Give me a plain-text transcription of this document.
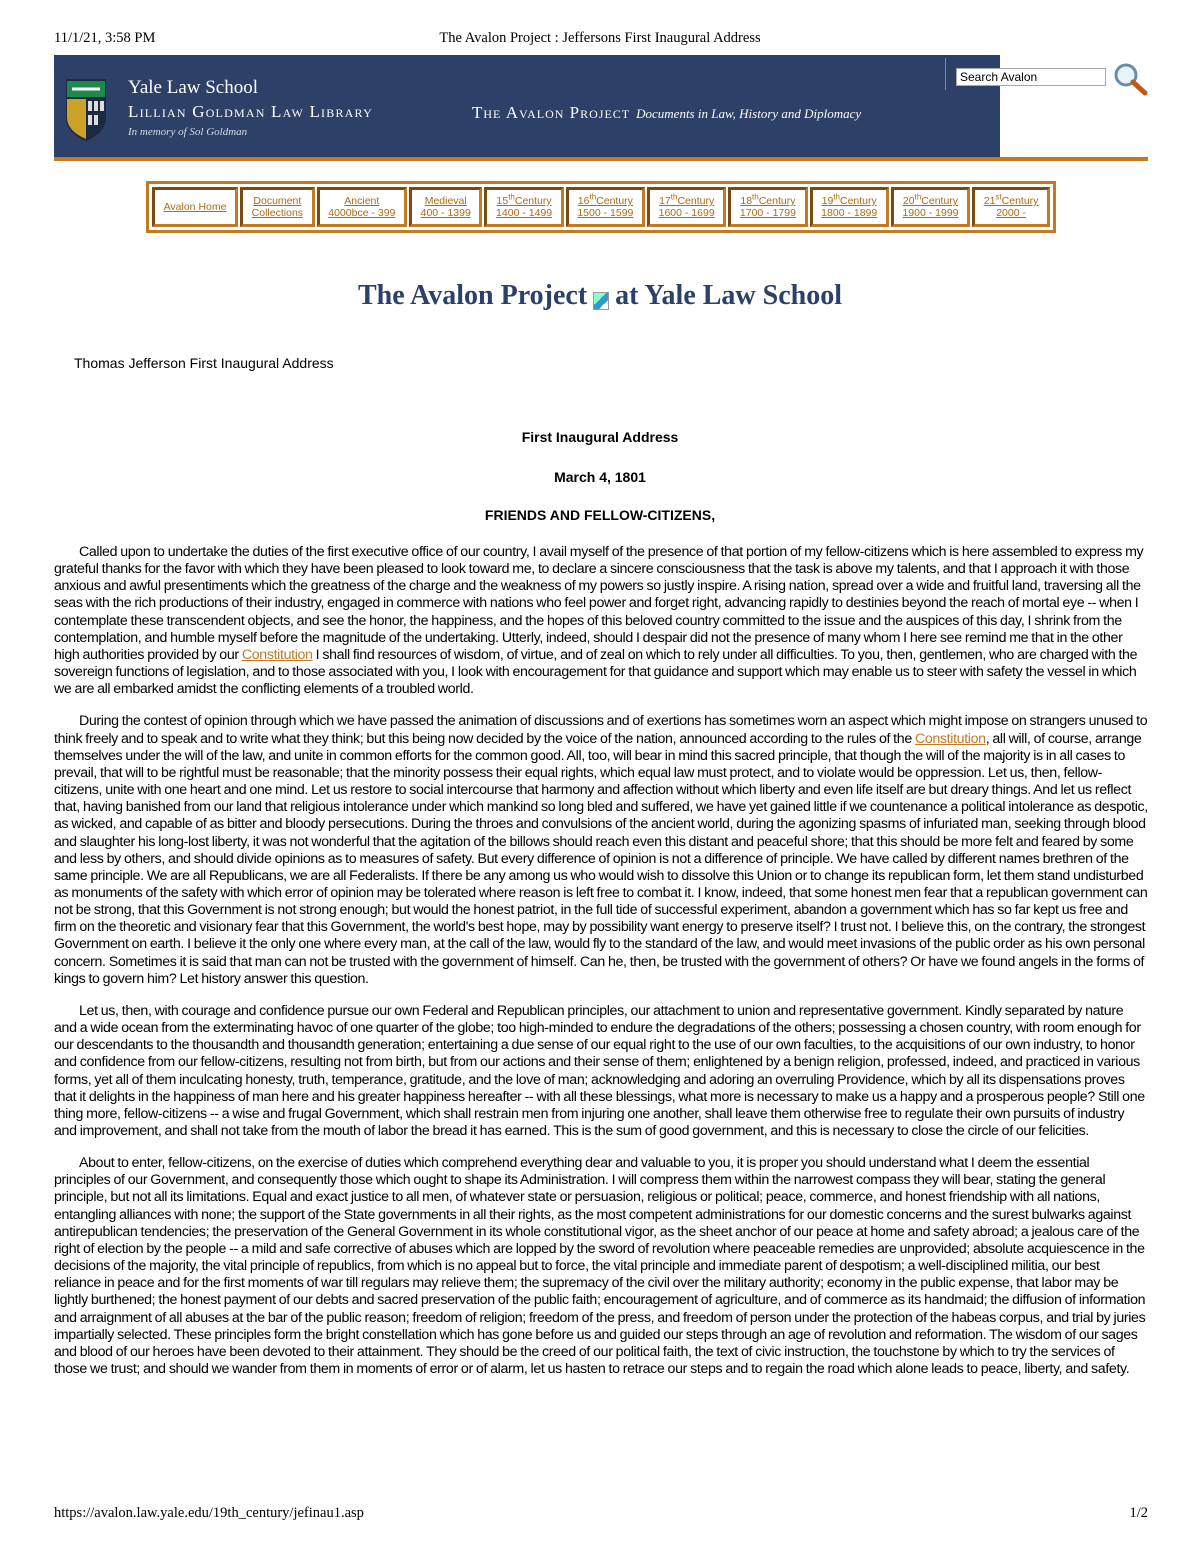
11/1/21, 3:58 PM	The Avalon Project : Jeffersons First Inaugural Address
Yale Law School
Lillian Goldman Law Library
In memory of Sol Goldman
The Avalon Project Documents in Law, History and Diplomacy
Search Avalon
Avalon Home	Document
Collections
Ancient
4000bce - 399
Medieval
400 - 1399
15thCentury
1400 - 1499
16thCentury
1500 - 1599
17thCentury
1600 - 1699
18thCentury
1700 - 1799
19thCentury
1800 - 1899
20thCentury
1900 - 1999
21stCentury
2000 -
The Avalon Project at Yale Law School
Thomas Jefferson First Inaugural Address
First Inaugural Address
March 4, 1801
FRIENDS AND FELLOW-CITIZENS,

Called upon to undertake the duties of the first executive office of our country, I avail myself of the presence of that portion of my fellow-citizens which is here assembled to express my grateful thanks for the favor with which they have been pleased to look toward me, to declare a sincere consciousness that the task is above my talents, and that I approach it with those anxious and awful presentiments which the greatness of the charge and the weakness of my powers so justly inspire. A rising nation, spread over a wide and fruitful land, traversing all the seas with the rich productions of their industry, engaged in commerce with nations who feel power and forget right, advancing rapidly to destinies beyond the reach of mortal eye -- when I contemplate these transcendent objects, and see the honor, the happiness, and the hopes of this beloved country committed to the issue and the auspices of this day, I shrink from the contemplation, and humble myself before the magnitude of the undertaking. Utterly, indeed, should I despair did not the presence of many whom I here see remind me that in the other high authorities provided by our Constitution I shall find resources of wisdom, of virtue, and of zeal on which to rely under all difficulties. To you, then, gentlemen, who are charged with the sovereign functions of legislation, and to those associated with you, I look with encouragement for that guidance and support which may enable us to steer with safety the vessel in which we are all embarked amidst the conflicting elements of a troubled world.

During the contest of opinion through which we have passed the animation of discussions and of exertions has sometimes worn an aspect which might impose on strangers unused to think freely and to speak and to write what they think; but this being now decided by the voice of the nation, announced according to the rules of the Constitution, all will, of course, arrange themselves under the will of the law, and unite in common efforts for the common good. All, too, will bear in mind this sacred principle, that though the will of the majority is in all cases to prevail, that will to be rightful must be reasonable; that the minority possess their equal rights, which equal law must protect, and to violate would be oppression. Let us, then, fellow-citizens, unite with one heart and one mind. Let us restore to social intercourse that harmony and affection without which liberty and even life itself are but dreary things. And let us reflect that, having banished from our land that religious intolerance under which mankind so long bled and suffered, we have yet gained little if we countenance a political intolerance as despotic, as wicked, and capable of as bitter and bloody persecutions. During the throes and convulsions of the ancient world, during the agonizing spasms of infuriated man, seeking through blood and slaughter his long-lost liberty, it was not wonderful that the agitation of the billows should reach even this distant and peaceful shore; that this should be more felt and feared by some and less by others, and should divide opinions as to measures of safety. But every difference of opinion is not a difference of principle. We have called by different names brethren of the same principle. We are all Republicans, we are all Federalists. If there be any among us who would wish to dissolve this Union or to change its republican form, let them stand undisturbed as monuments of the safety with which error of opinion may be tolerated where reason is left free to combat it. I know, indeed, that some honest men fear that a republican government can not be strong, that this Government is not strong enough; but would the honest patriot, in the full tide of successful experiment, abandon a government which has so far kept us free and firm on the theoretic and visionary fear that this Government, the world's best hope, may by possibility want energy to preserve itself? I trust not. I believe this, on the contrary, the strongest Government on earth. I believe it the only one where every man, at the call of the law, would fly to the standard of the law, and would meet invasions of the public order as his own personal concern. Sometimes it is said that man can not be trusted with the government of himself. Can he, then, be trusted with the government of others? Or have we found angels in the forms of kings to govern him? Let history answer this question.

Let us, then, with courage and confidence pursue our own Federal and Republican principles, our attachment to union and representative government. Kindly separated by nature and a wide ocean from the exterminating havoc of one quarter of the globe; too high-minded to endure the degradations of the others; possessing a chosen country, with room enough for our descendants to the thousandth and thousandth generation; entertaining a due sense of our equal right to the use of our own faculties, to the acquisitions of our own industry, to honor and confidence from our fellow-citizens, resulting not from birth, but from our actions and their sense of them; enlightened by a benign religion, professed, indeed, and practiced in various forms, yet all of them inculcating honesty, truth, temperance, gratitude, and the love of man; acknowledging and adoring an overruling Providence, which by all its dispensations proves that it delights in the happiness of man here and his greater happiness hereafter -- with all these blessings, what more is necessary to make us a happy and a prosperous people? Still one thing more, fellow-citizens -- a wise and frugal Government, which shall restrain men from injuring one another, shall leave them otherwise free to regulate their own pursuits of industry and improvement, and shall not take from the mouth of labor the bread it has earned. This is the sum of good government, and this is necessary to close the circle of our felicities.

About to enter, fellow-citizens, on the exercise of duties which comprehend everything dear and valuable to you, it is proper you should understand what I deem the essential principles of our Government, and consequently those which ought to shape its Administration. I will compress them within the narrowest compass they will bear, stating the general principle, but not all its limitations. Equal and exact justice to all men, of whatever state or persuasion, religious or political; peace, commerce, and honest friendship with all nations, entangling alliances with none; the support of the State governments in all their rights, as the most competent administrations for our domestic concerns and the surest bulwarks against antirepublican tendencies; the preservation of the General Government in its whole constitutional vigor, as the sheet anchor of our peace at home and safety abroad; a jealous care of the right of election by the people -- a mild and safe corrective of abuses which are lopped by the sword of revolution where peaceable remedies are unprovided; absolute acquiescence in the decisions of the majority, the vital principle of republics, from which is no appeal but to force, the vital principle and immediate parent of despotism; a well-disciplined militia, our best reliance in peace and for the first moments of war till regulars may relieve them; the supremacy of the civil over the military authority; economy in the public expense, that labor may be lightly burthened; the honest payment of our debts and sacred preservation of the public faith; encouragement of agriculture, and of commerce as its handmaid; the diffusion of information and arraignment of all abuses at the bar of the public reason; freedom of religion; freedom of the press, and freedom of person under the protection of the habeas corpus, and trial by juries impartially selected. These principles form the bright constellation which has gone before us and guided our steps through an age of revolution and reformation. The wisdom of our sages and blood of our heroes have been devoted to their attainment. They should be the creed of our political faith, the text of civic instruction, the touchstone by which to try the services of those we trust; and should we wander from them in moments of error or of alarm, let us hasten to retrace our steps and to regain the road which alone leads to peace, liberty, and safety.

https://avalon.law.yale.edu/19th_century/jefinau1.asp	1/2
